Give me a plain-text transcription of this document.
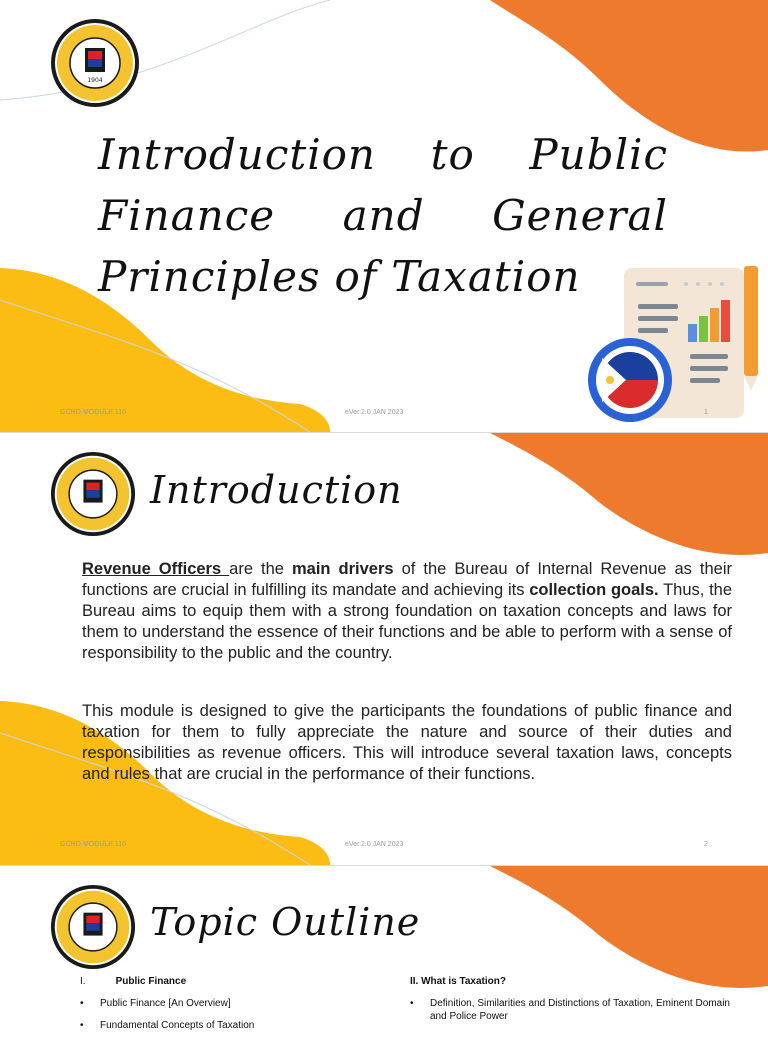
1904
Introduction to Public
Finance and General
Principles of Taxation
GCRO MODULE 110	eVer.2.0 JAN 2023	1
Introduction
Revenue Officers are the main drivers of the Bureau of Internal Revenue as their functions are crucial in fulfilling its mandate and achieving its collection goals. Thus, the Bureau aims to equip them with a strong foundation on taxation concepts and laws for them to understand the essence of their functions and be able to perform with a sense of responsibility to the public and the country.
This module is designed to give the participants the foundations of public finance and taxation for them to fully appreciate the nature and source of their duties and responsibilities as revenue officers. This will introduce several taxation laws, concepts and rules that are crucial in the performance of their functions.
GCRO MODULE 110	eVer.2.0 JAN 2023	2
Topic Outline
I.	Public Finance
• Public Finance [An Overview]
• Fundamental Concepts of Taxation
II. What is Taxation?
• Definition, Similarities and Distinctions of Taxation, Eminent Domain and Police Power
